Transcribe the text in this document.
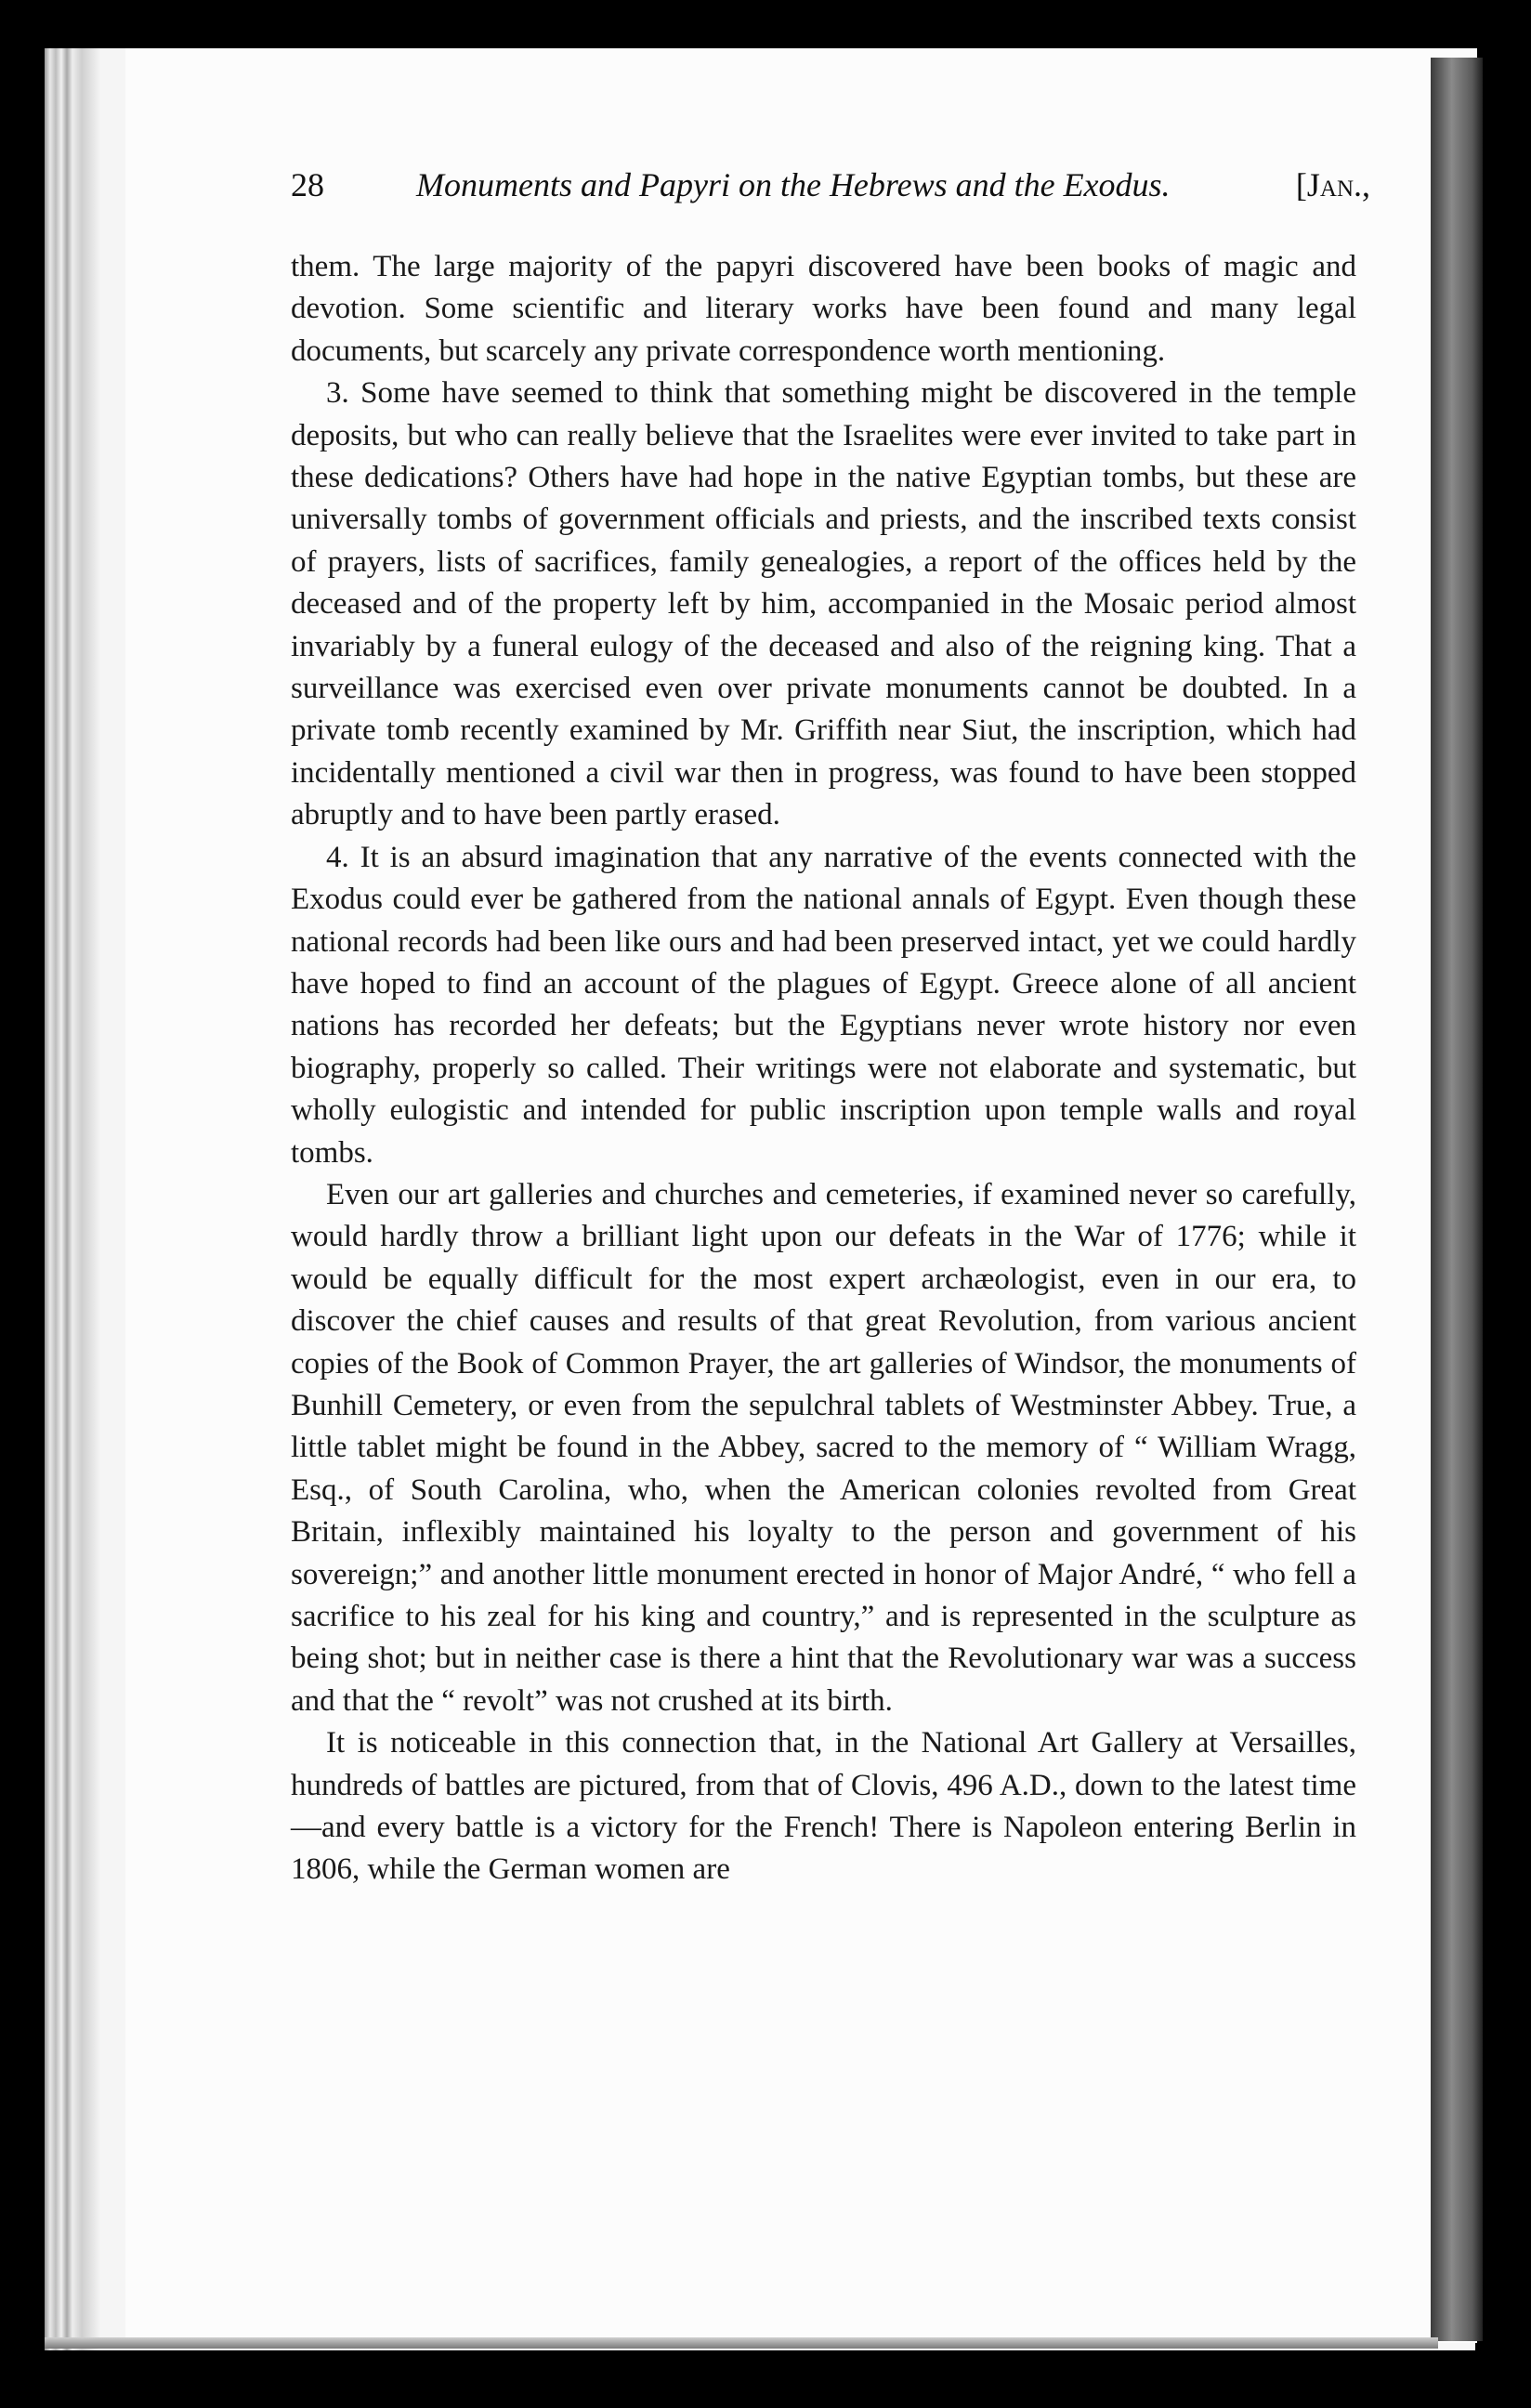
28	Monuments and Papyri on the Hebrews and the Exodus.	[Jan.,

them. The large majority of the papyri discovered have been books of magic and devotion. Some scientific and literary works have been found and many legal documents, but scarcely any private correspondence worth mentioning.

3. Some have seemed to think that something might be discovered in the temple deposits, but who can really believe that the Israelites were ever invited to take part in these dedications? Others have had hope in the native Egyptian tombs, but these are universally tombs of government officials and priests, and the inscribed texts consist of prayers, lists of sacrifices, family genealogies, a report of the offices held by the deceased and of the property left by him, accompanied in the Mosaic period almost invariably by a funeral eulogy of the deceased and also of the reigning king. That a surveillance was exercised even over private monuments cannot be doubted. In a private tomb recently examined by Mr. Griffith near Siut, the inscription, which had incidentally mentioned a civil war then in progress, was found to have been stopped abruptly and to have been partly erased.

4. It is an absurd imagination that any narrative of the events connected with the Exodus could ever be gathered from the national annals of Egypt. Even though these national records had been like ours and had been preserved intact, yet we could hardly have hoped to find an account of the plagues of Egypt. Greece alone of all ancient nations has recorded her defeats; but the Egyptians never wrote history nor even biography, properly so called. Their writings were not elaborate and systematic, but wholly eulogistic and intended for public inscription upon temple walls and royal tombs.

Even our art galleries and churches and cemeteries, if examined never so carefully, would hardly throw a brilliant light upon our defeats in the War of 1776; while it would be equally difficult for the most expert archæologist, even in our era, to discover the chief causes and results of that great Revolution, from various ancient copies of the Book of Common Prayer, the art galleries of Windsor, the monuments of Bunhill Cemetery, or even from the sepulchral tablets of Westminster Abbey. True, a little tablet might be found in the Abbey, sacred to the memory of “ William Wragg, Esq., of South Carolina, who, when the American colonies revolted from Great Britain, inflexibly maintained his loyalty to the person and government of his sovereign;” and another little monument erected in honor of Major André, “ who fell a sacrifice to his zeal for his king and country,” and is represented in the sculpture as being shot; but in neither case is there a hint that the Revolutionary war was a success and that the “ revolt” was not crushed at its birth.

It is noticeable in this connection that, in the National Art Gallery at Versailles, hundreds of battles are pictured, from that of Clovis, 496 A.D., down to the latest time—and every battle is a victory for the French! There is Napoleon entering Berlin in 1806, while the German women are
